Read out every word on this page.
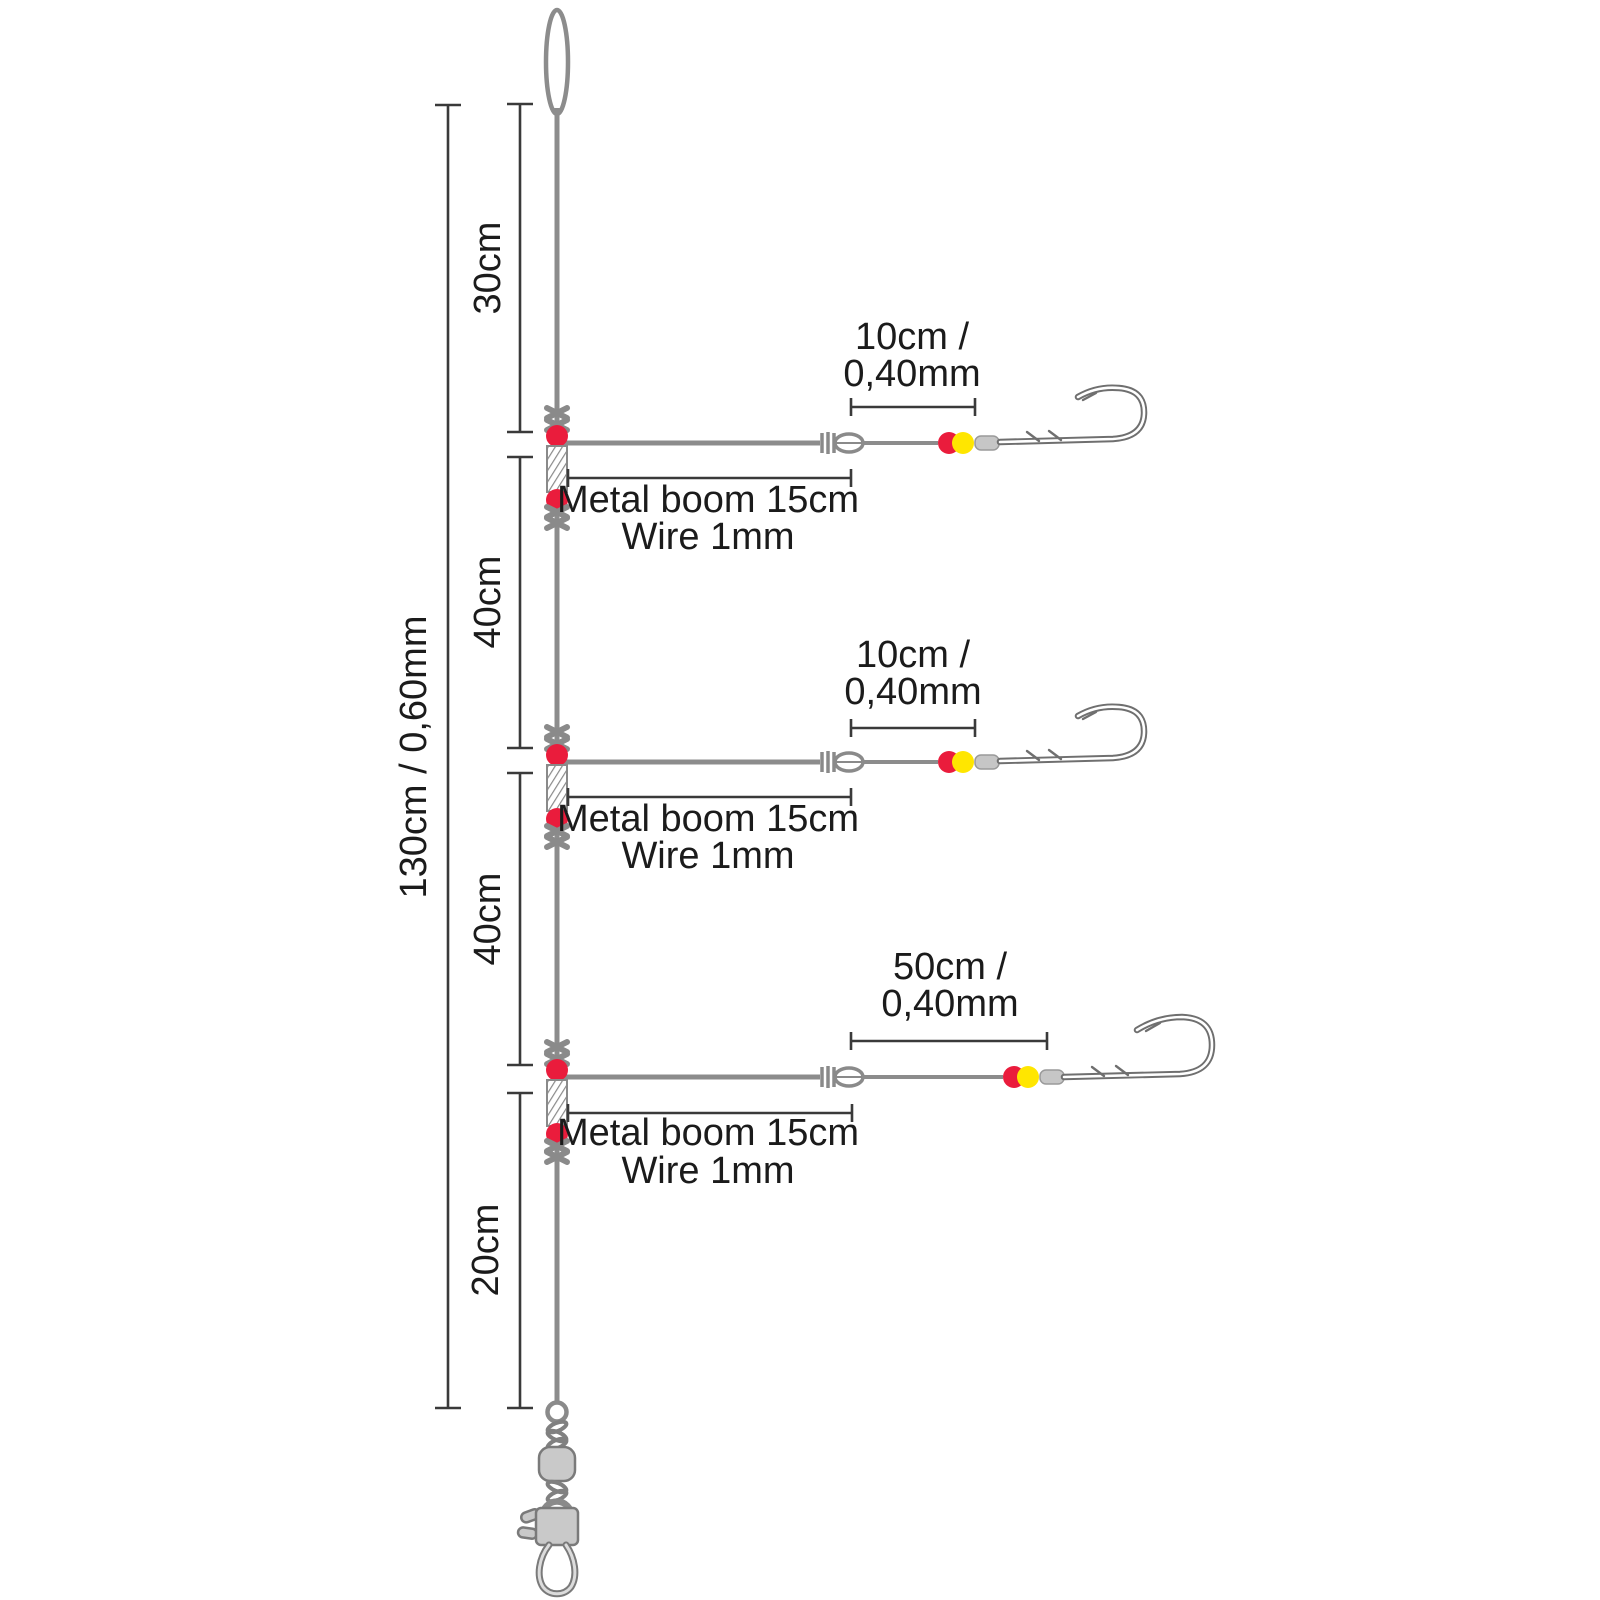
130cm / 0,60mm
30cm
40cm
40cm
20cm
10cm /
0,40mm
Metal boom 15cm
Wire 1mm
10cm /
0,40mm
Metal boom 15cm
Wire 1mm
50cm /
0,40mm
Metal boom 15cm
Wire 1mm
